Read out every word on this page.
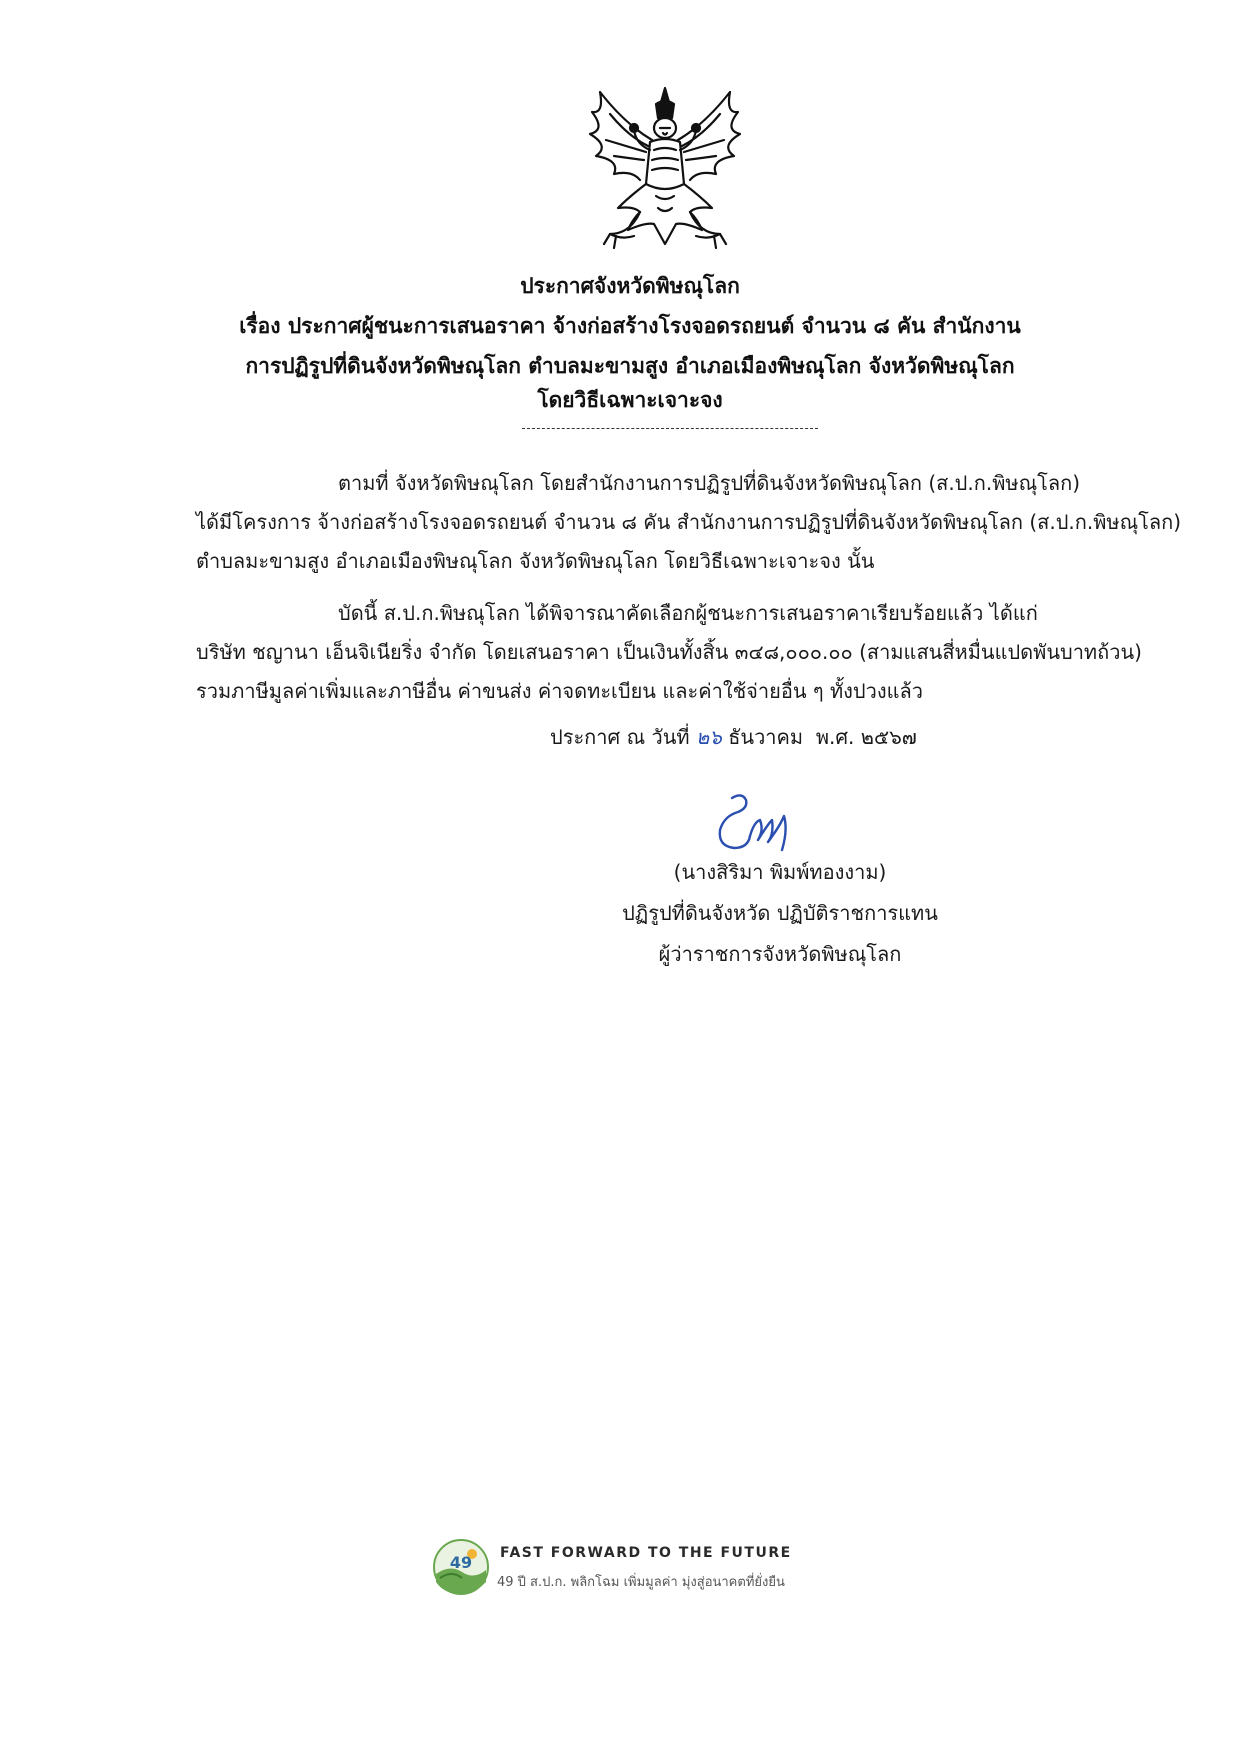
ประกาศจังหวัดพิษณุโลก
เรื่อง ประกาศผู้ชนะการเสนอราคา จ้างก่อสร้างโรงจอดรถยนต์ จำนวน ๘ คัน สำนักงาน
การปฏิรูปที่ดินจังหวัดพิษณุโลก ตำบลมะขามสูง อำเภอเมืองพิษณุโลก จังหวัดพิษณุโลก
โดยวิธีเฉพาะเจาะจง
ตามที่ จังหวัดพิษณุโลก โดยสำนักงานการปฏิรูปที่ดินจังหวัดพิษณุโลก (ส.ป.ก.พิษณุโลก)
ได้มีโครงการ จ้างก่อสร้างโรงจอดรถยนต์ จำนวน ๘ คัน สำนักงานการปฏิรูปที่ดินจังหวัดพิษณุโลก (ส.ป.ก.พิษณุโลก)
ตำบลมะขามสูง อำเภอเมืองพิษณุโลก จังหวัดพิษณุโลก โดยวิธีเฉพาะเจาะจง นั้น
บัดนี้ ส.ป.ก.พิษณุโลก ได้พิจารณาคัดเลือกผู้ชนะการเสนอราคาเรียบร้อยแล้ว ได้แก่
บริษัท ชญานา เอ็นจิเนียริ่ง จำกัด โดยเสนอราคา เป็นเงินทั้งสิ้น ๓๔๘,๐๐๐.๐๐ (สามแสนสี่หมื่นแปดพันบาทถ้วน)
รวมภาษีมูลค่าเพิ่มและภาษีอื่น ค่าขนส่ง ค่าจดทะเบียน และค่าใช้จ่ายอื่น ๆ ทั้งปวงแล้ว
ประกาศ ณ วันที่ ๒๖ ธันวาคม พ.ศ. ๒๕๖๗
(นางสิริมา พิมพ์ทองงาม)
ปฏิรูปที่ดินจังหวัด ปฏิบัติราชการแทน
ผู้ว่าราชการจังหวัดพิษณุโลก
49 FAST FORWARD TO THE FUTURE
49 ปี ส.ป.ก. พลิกโฉม เพิ่มมูลค่า มุ่งสู่อนาคตที่ยั่งยืน
